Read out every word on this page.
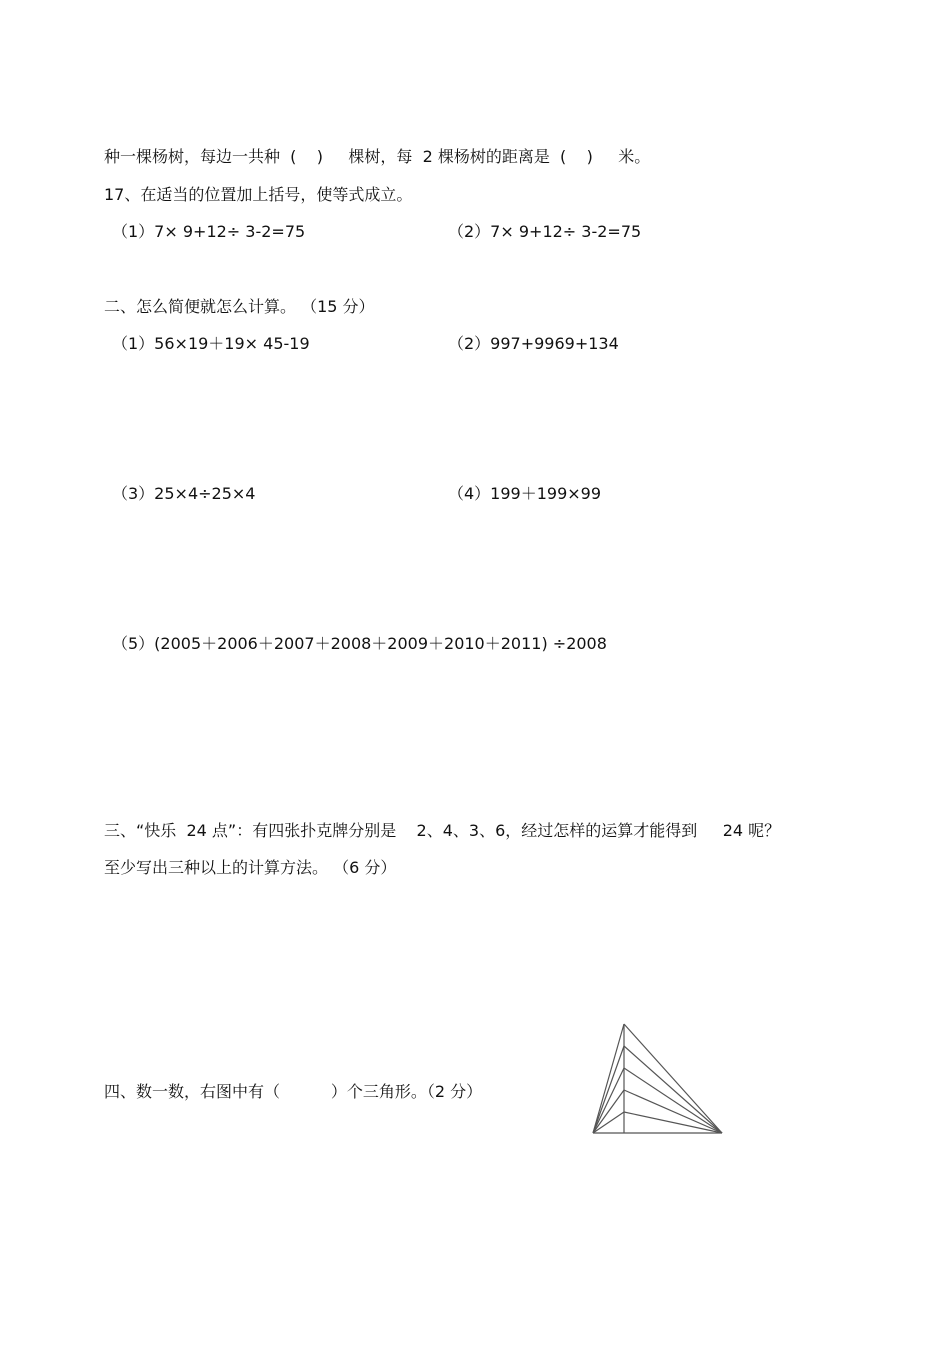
种一棵杨树，每边一共种  (    )     棵树，每  2 棵杨树的距离是  (    )     米。
17、在适当的位置加上括号，使等式成立。
（1）7× 9+12÷ 3-2=75	（2）7× 9+12÷ 3-2=75
二、怎么简便就怎么计算。 （15 分）
（1）56×19＋19× 45-19	（2）997+9969+134
（3）25×4÷25×4	（4）199＋199×99
（5）(2005＋2006＋2007＋2008＋2009＋2010＋2011) ÷2008
三、“快乐  24 点”：有四张扑克牌分别是    2、4、3、6，经过怎样的运算才能得到     24 呢？
至少写出三种以上的计算方法。 （6 分）
四、数一数，右图中有（          ）个三角形。（2 分）
